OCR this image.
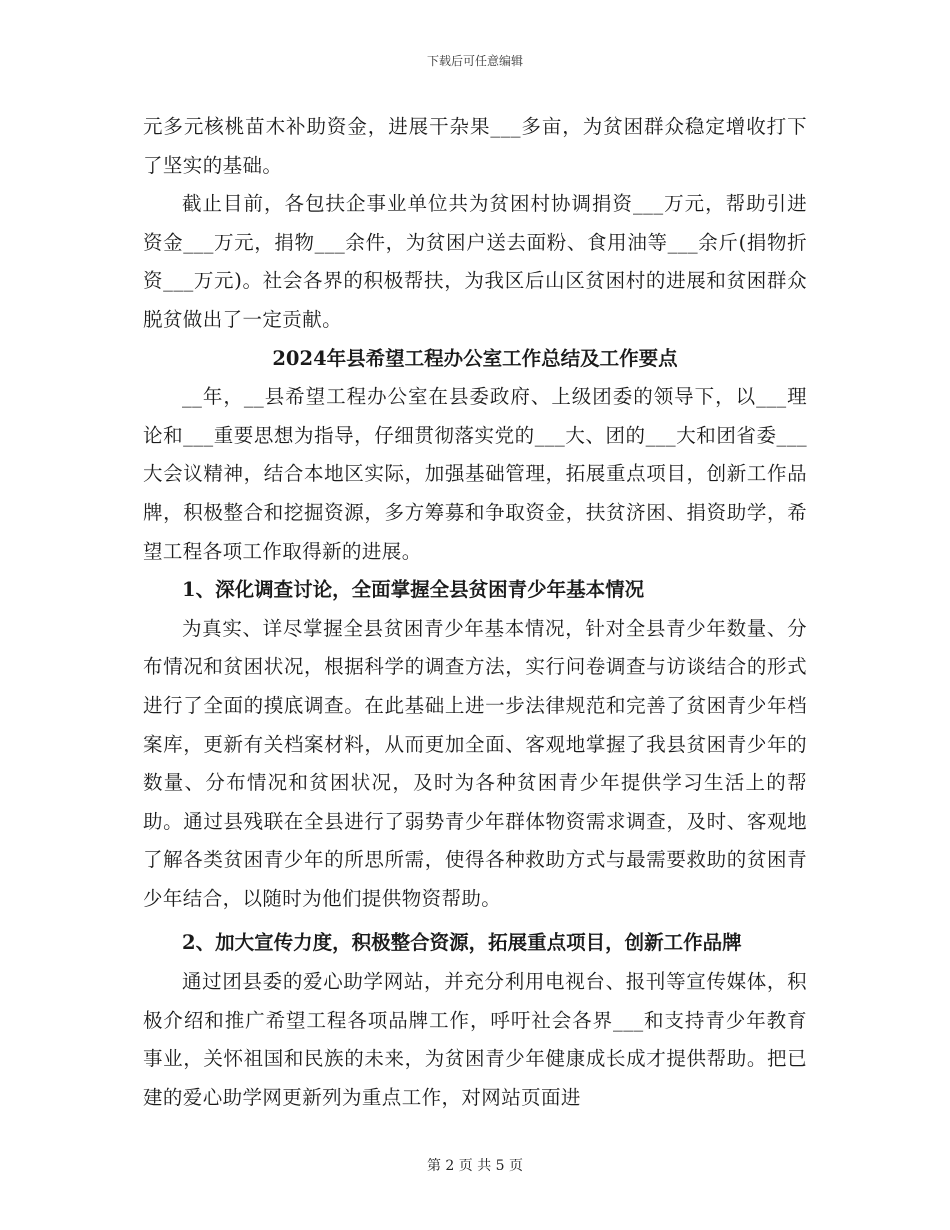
下载后可任意编辑

元多元核桃苗木补助资金，进展干杂果___多亩，为贫困群众稳定增收打下了坚实的基础。

截止目前，各包扶企事业单位共为贫困村协调捐资___万元，帮助引进资金___万元，捐物___余件，为贫困户送去面粉、食用油等___余斤(捐物折资___万元)。社会各界的积极帮扶，为我区后山区贫困村的进展和贫困群众脱贫做出了一定贡献。

2024年县希望工程办公室工作总结及工作要点

__年，__县希望工程办公室在县委政府、上级团委的领导下，以___理论和___重要思想为指导，仔细贯彻落实党的___大、团的___大和团省委___大会议精神，结合本地区实际，加强基础管理，拓展重点项目，创新工作品牌，积极整合和挖掘资源，多方筹募和争取资金，扶贫济困、捐资助学，希望工程各项工作取得新的进展。

1、深化调查讨论，全面掌握全县贫困青少年基本情况

为真实、详尽掌握全县贫困青少年基本情况，针对全县青少年数量、分布情况和贫困状况，根据科学的调查方法，实行问卷调查与访谈结合的形式进行了全面的摸底调查。在此基础上进一步法律规范和完善了贫困青少年档案库，更新有关档案材料，从而更加全面、客观地掌握了我县贫困青少年的数量、分布情况和贫困状况，及时为各种贫困青少年提供学习生活上的帮助。通过县残联在全县进行了弱势青少年群体物资需求调查，及时、客观地了解各类贫困青少年的所思所需，使得各种救助方式与最需要救助的贫困青少年结合，以随时为他们提供物资帮助。

2、加大宣传力度，积极整合资源，拓展重点项目，创新工作品牌

通过团县委的爱心助学网站，并充分利用电视台、报刊等宣传媒体，积极介绍和推广希望工程各项品牌工作，呼吁社会各界___和支持青少年教育事业，关怀祖国和民族的未来，为贫困青少年健康成长成才提供帮助。把已建的爱心助学网更新列为重点工作，对网站页面进

第 2 页 共 5 页
